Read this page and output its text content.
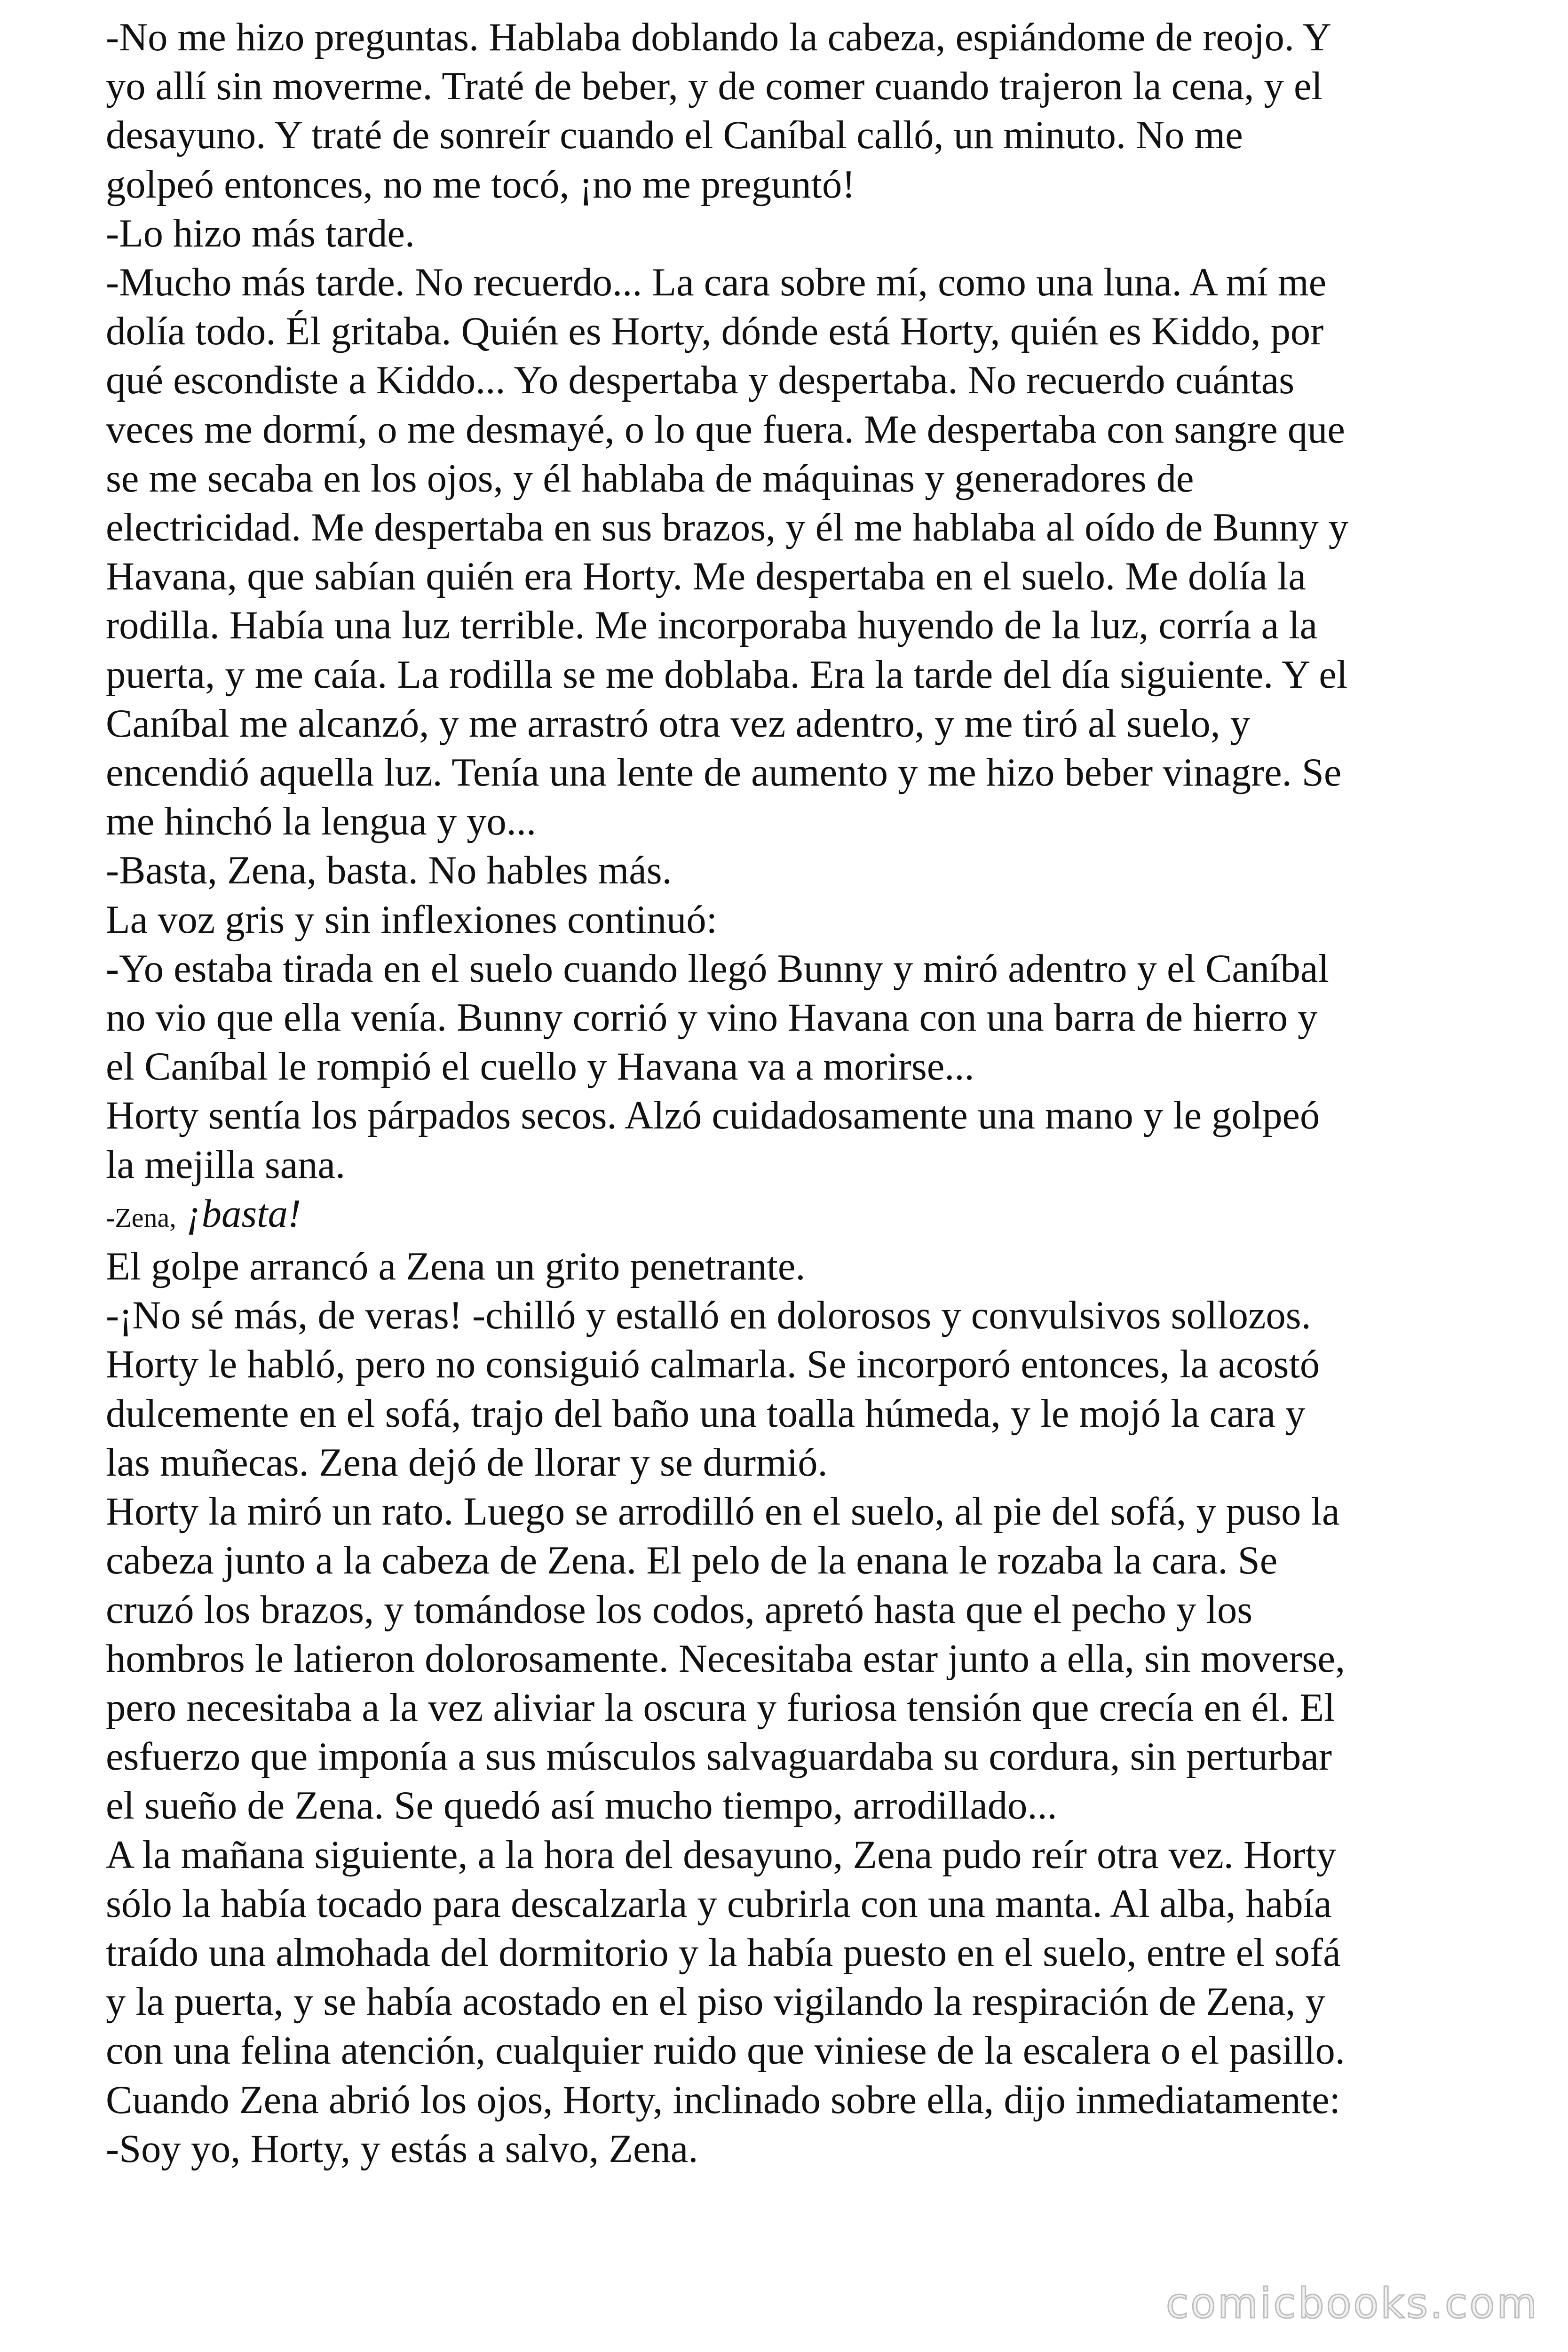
-No me hizo preguntas. Hablaba doblando la cabeza, espiándome de reojo. Y

yo allí sin moverme. Traté de beber, y de comer cuando trajeron la cena, y el

desayuno. Y traté de sonreír cuando el Caníbal calló, un minuto. No me

golpeó entonces, no me tocó, ¡no me preguntó!

-Lo hizo más tarde.

-Mucho más tarde. No recuerdo... La cara sobre mí, como una luna. A mí me

dolía todo. Él gritaba. Quién es Horty, dónde está Horty, quién es Kiddo, por

qué escondiste a Kiddo... Yo despertaba y despertaba. No recuerdo cuántas

veces me dormí, o me desmayé, o lo que fuera. Me despertaba con sangre que

se me secaba en los ojos, y él hablaba de máquinas y generadores de

electricidad. Me despertaba en sus brazos, y él me hablaba al oído de Bunny y

Havana, que sabían quién era Horty. Me despertaba en el suelo. Me dolía la

rodilla. Había una luz terrible. Me incorporaba huyendo de la luz, corría a la

puerta, y me caía. La rodilla se me doblaba. Era la tarde del día siguiente. Y el

Caníbal me alcanzó, y me arrastró otra vez adentro, y me tiró al suelo, y

encendió aquella luz. Tenía una lente de aumento y me hizo beber vinagre. Se

me hinchó la lengua y yo...

-Basta, Zena, basta. No hables más.

La voz gris y sin inflexiones continuó:

-Yo estaba tirada en el suelo cuando llegó Bunny y miró adentro y el Caníbal

no vio que ella venía. Bunny corrió y vino Havana con una barra de hierro y

el Caníbal le rompió el cuello y Havana va a morirse...

Horty sentía los párpados secos. Alzó cuidadosamente una mano y le golpeó

la mejilla sana.

-Zena, ¡basta!

El golpe arrancó a Zena un grito penetrante.

-¡No sé más, de veras! -chilló y estalló en dolorosos y convulsivos sollozos.

Horty le habló, pero no consiguió calmarla. Se incorporó entonces, la acostó

dulcemente en el sofá, trajo del baño una toalla húmeda, y le mojó la cara y

las muñecas. Zena dejó de llorar y se durmió.

Horty la miró un rato. Luego se arrodilló en el suelo, al pie del sofá, y puso la

cabeza junto a la cabeza de Zena. El pelo de la enana le rozaba la cara. Se

cruzó los brazos, y tomándose los codos, apretó hasta que el pecho y los

hombros le latieron dolorosamente. Necesitaba estar junto a ella, sin moverse,

pero necesitaba a la vez aliviar la oscura y furiosa tensión que crecía en él. El

esfuerzo que imponía a sus músculos salvaguardaba su cordura, sin perturbar

el sueño de Zena. Se quedó así mucho tiempo, arrodillado...

A la mañana siguiente, a la hora del desayuno, Zena pudo reír otra vez. Horty

sólo la había tocado para descalzarla y cubrirla con una manta. Al alba, había

traído una almohada del dormitorio y la había puesto en el suelo, entre el sofá

y la puerta, y se había acostado en el piso vigilando la respiración de Zena, y

con una felina atención, cualquier ruido que viniese de la escalera o el pasillo.

Cuando Zena abrió los ojos, Horty, inclinado sobre ella, dijo inmediatamente:

-Soy yo, Horty, y estás a salvo, Zena.

comicbooks.com
